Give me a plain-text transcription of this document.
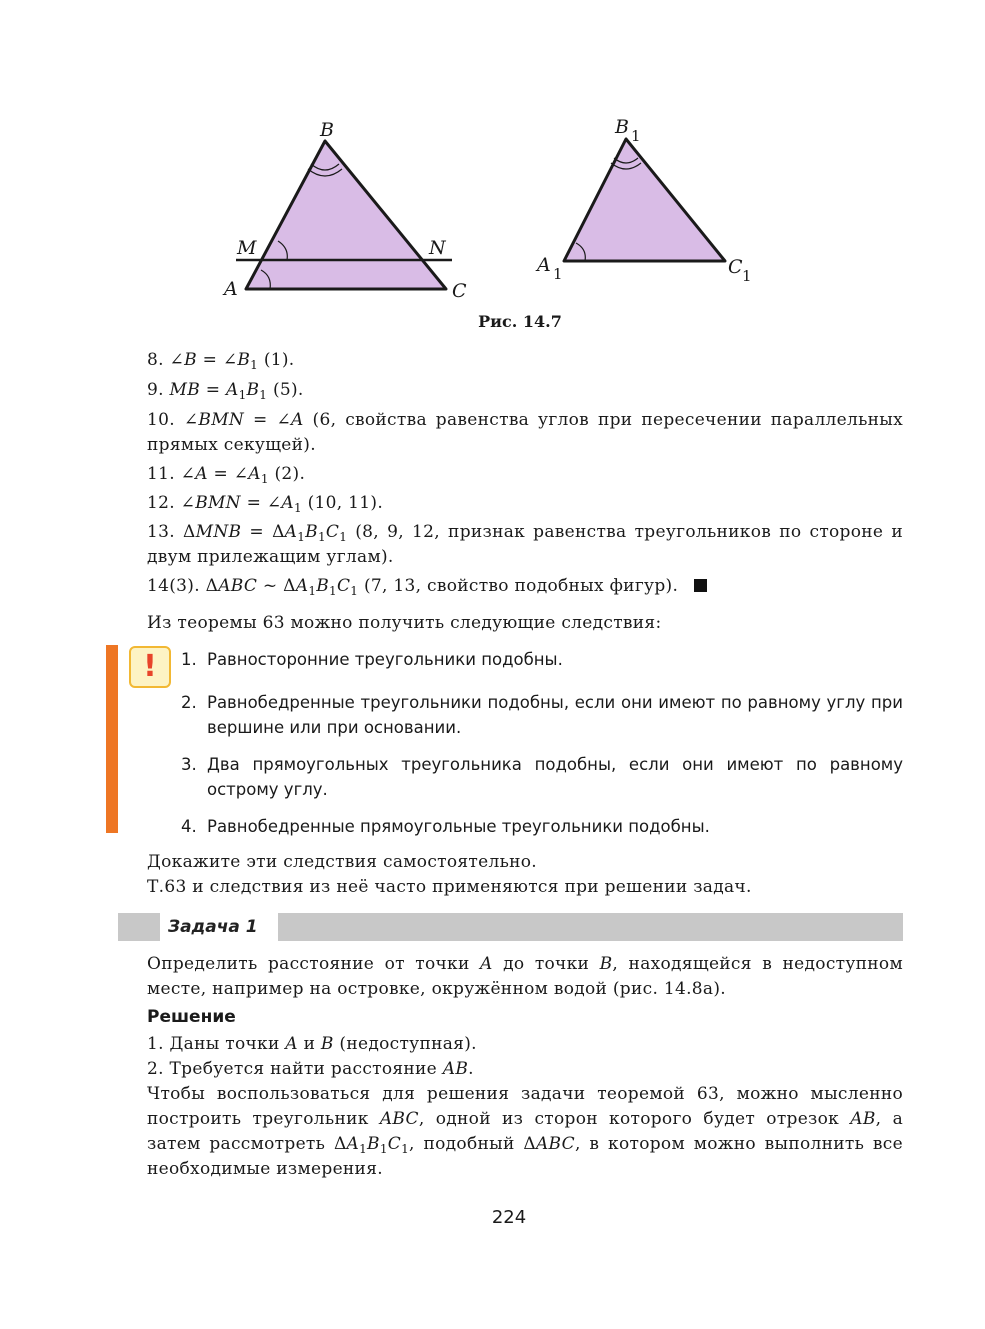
B
M	N
A	C
B 1
A 1	C 1
Рис. 14.7
8. ∠B = $\angle B_1$ (1).
9. MB = $A_1B_1$ (5).
10. ∠BMN = ∠A (6, свойства равенства углов при пересечении параллельных прямых секущей).
11. ∠A = $\angle A_1$ (2).
12. ∠BMN = $\angle A_1$ (10, 11).
13. $\Delta MNB = \Delta A_1B_1C_1$ (8, 9, 12, признак равенства треугольников по стороне и двум прилежащим углам).
14(3). ΔABC ~ $\Delta A_1B_1C_1$ (7, 13, свойство подобных фигур).
Из теоремы 63 можно получить следующие следствия:
!	1. Равносторонние треугольники подобны.
2. Равнобедренные треугольники подобны, если они имеют по равному углу при вершине или при основании.
3. Два прямоугольных треугольника подобны, если они имеют по равному острому углу.
4. Равнобедренные прямоугольные треугольники подобны.
Докажите эти следствия самостоятельно.
Т.63 и следствия из неё часто применяются при решении задач.
Задача 1
Определить расстояние от точки A до точки B, находящейся в недоступном месте, например на островке, окружённом водой (рис. 14.8а).
Решение
1. Даны точки A и B (недоступная).
2. Требуется найти расстояние AB.
Чтобы воспользоваться для решения задачи теоремой 63, можно мысленно построить треугольник ABC, одной из сторон которого будет отрезок AB, а затем рассмотреть $\Delta A_1B_1C_1$, подобный ΔABC, в котором можно выполнить все необходимые измерения.
224
